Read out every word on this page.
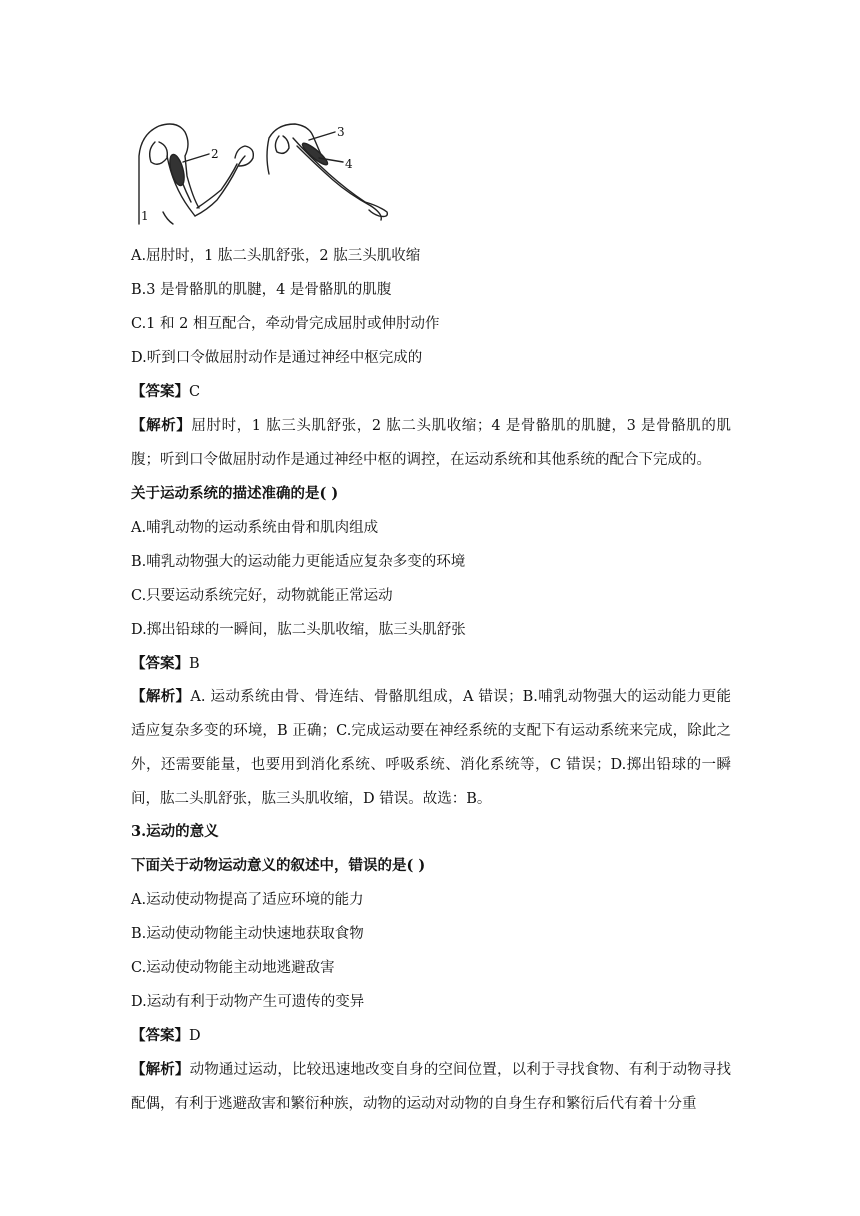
1
2
3
4
A.屈肘时，1 肱二头肌舒张，2 肱三头肌收缩
B.3 是骨骼肌的肌腱，4 是骨骼肌的肌腹
C.1 和 2 相互配合，牵动骨完成屈肘或伸肘动作
D.听到口令做屈肘动作是通过神经中枢完成的
【答案】C
【解析】屈肘时，1 肱三头肌舒张，2 肱二头肌收缩；4 是骨骼肌的肌腱，3 是骨骼肌的肌腹；听到口令做屈肘动作是通过神经中枢的调控，在运动系统和其他系统的配合下完成的。
关于运动系统的描述准确的是( )
A.哺乳动物的运动系统由骨和肌肉组成
B.哺乳动物强大的运动能力更能适应复杂多变的环境
C.只要运动系统完好，动物就能正常运动
D.掷出铅球的一瞬间，肱二头肌收缩，肱三头肌舒张
【答案】B
【解析】A. 运动系统由骨、骨连结、骨骼肌组成，A 错误；B.哺乳动物强大的运动能力更能适应复杂多变的环境，B 正确；C.完成运动要在神经系统的支配下有运动系统来完成，除此之外，还需要能量，也要用到消化系统、呼吸系统、消化系统等，C 错误；D.掷出铅球的一瞬间，肱二头肌舒张，肱三头肌收缩，D 错误。故选：B。
3.运动的意义
下面关于动物运动意义的叙述中，错误的是( )
A.运动使动物提高了适应环境的能力
B.运动使动物能主动快速地获取食物
C.运动使动物能主动地逃避敌害
D.运动有利于动物产生可遗传的变异
【答案】D
【解析】动物通过运动，比较迅速地改变自身的空间位置，以利于寻找食物、有利于动物寻找配偶，有利于逃避敌害和繁衍种族，动物的运动对动物的自身生存和繁衍后代有着十分重
